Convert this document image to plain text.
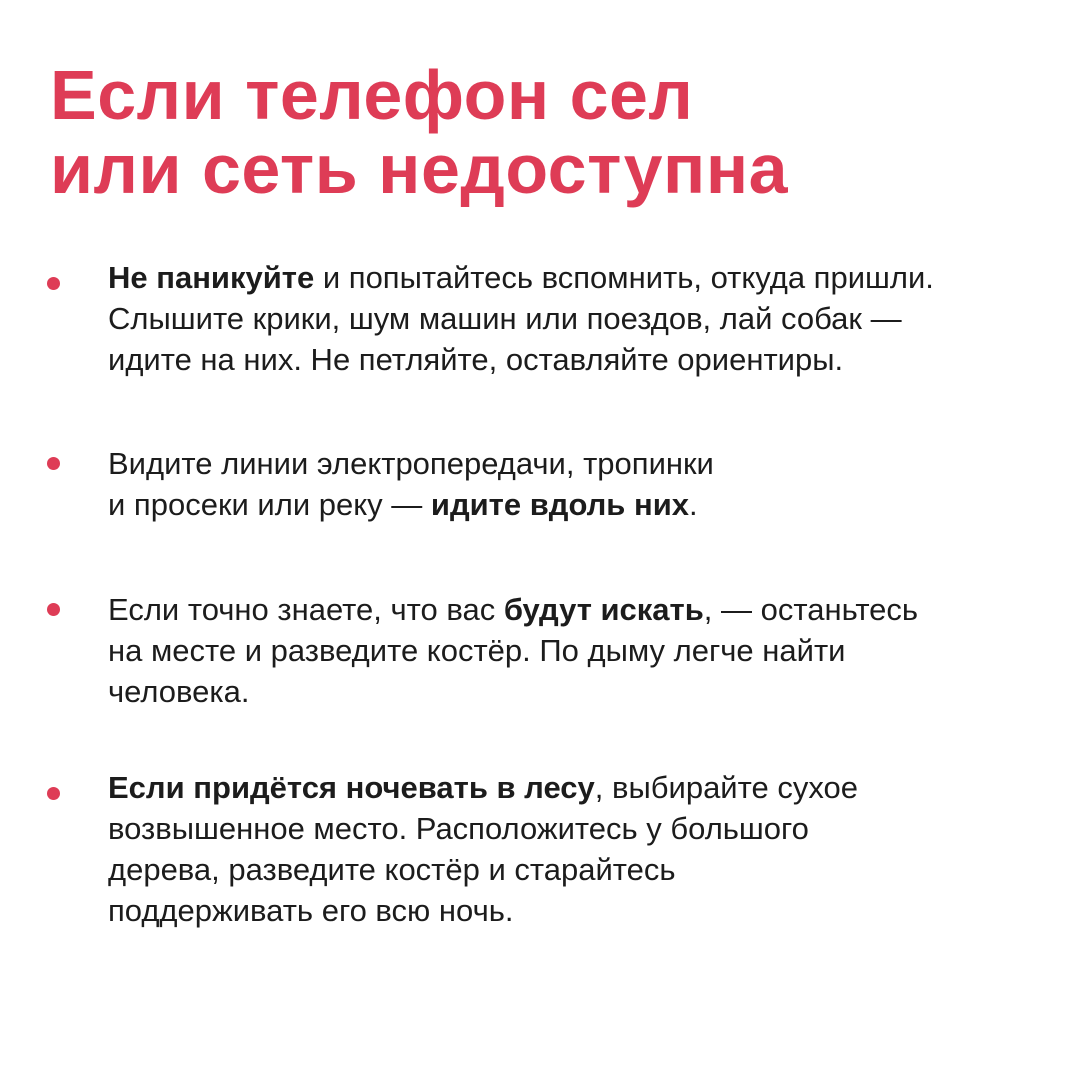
Если телефон сел
или сеть недоступна

Не паникуйте и попытайтесь вспомнить, откуда пришли.
Слышите крики, шум машин или поездов, лай собак —
идите на них. Не петляйте, оставляйте ориентиры.

Видите линии электропередачи, тропинки
и просеки или реку — идите вдоль них.

Если точно знаете, что вас будут искать, — останьтесь
на месте и разведите костёр. По дыму легче найти
человека.

Если придётся ночевать в лесу, выбирайте сухое
возвышенное место. Расположитесь у большого
дерева, разведите костёр и старайтесь
поддерживать его всю ночь.
